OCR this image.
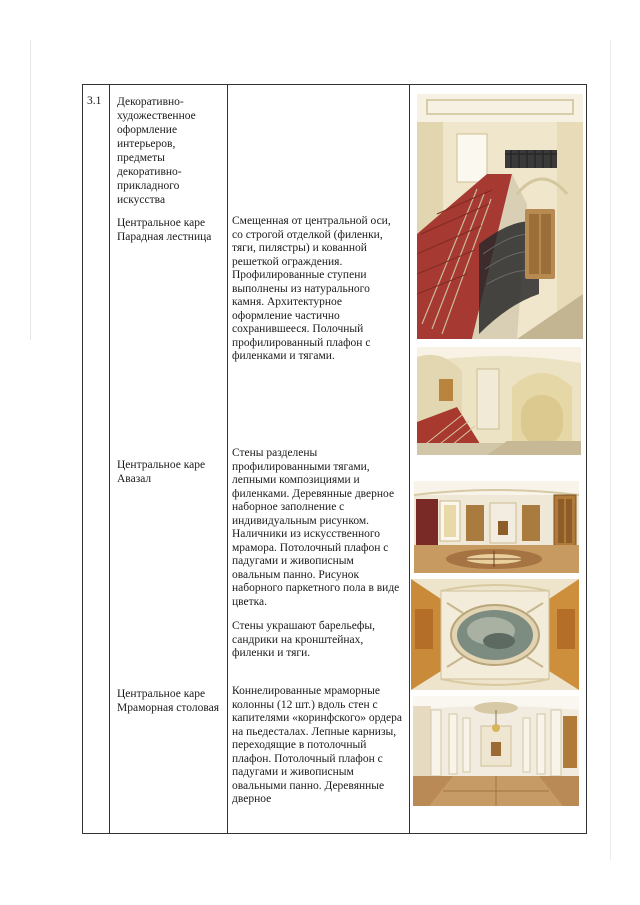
3.1 Декоративно-
художественное
оформление
интерьеров,
предметы
декоративно-
прикладного
искусства
Центральное каре
Парадная лестница
Смещенная от центральной оси, со строгой отделкой (филенки, тяги, пилястры) и кованной решеткой ограждения. Профилированные ступени выполнены из натурального камня. Архитектурное оформление частично сохранившееся. Полочный профилированный плафон с филенками и тягами.
Центральное каре
Авазал
Стены разделены профилированными тягами, лепными композициями и филенками. Деревянные дверное наборное заполнение с индивидуальным рисунком. Наличники из искусственного мрамора. Потолочный плафон с падугами и живописным овальным панно. Рисунок наборного паркетного пола в виде цветка.
Стены украшают барельефы, сандрики на кронштейнах, филенки и тяги.
Центральное каре
Мраморная столовая
Коннелированные мраморные колонны (12 шт.) вдоль стен с капителями «коринфского» ордера на пьедесталах. Лепные карнизы, переходящие в потолочный плафон. Потолочный плафон с падугами и живописным овальными панно. Деревянные дверное
